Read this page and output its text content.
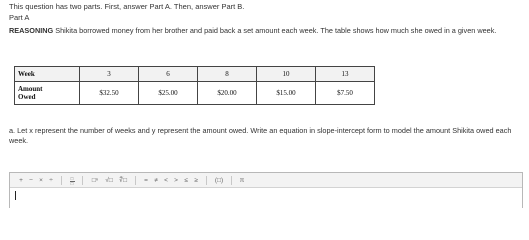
This question has two parts. First, answer Part A. Then, answer Part B.
Part A
REASONING Shikita borrowed money from her brother and paid back a set amount each week. The table shows how much she owed in a given week.
Week	3	6	8	10	13

Amount
Owed	$32.50	$25.00	$20.00	$15.00	$7.50
a. Let x represent the number of weeks and y represent the amount owed. Write an equation in slope-intercept form to model the amount Shikita owed each week.
+ − × ÷	$\frac{□}{□}$	□ⁿ	√□ ∜□	= ≠ < > ≤ ≥	(□)	π
